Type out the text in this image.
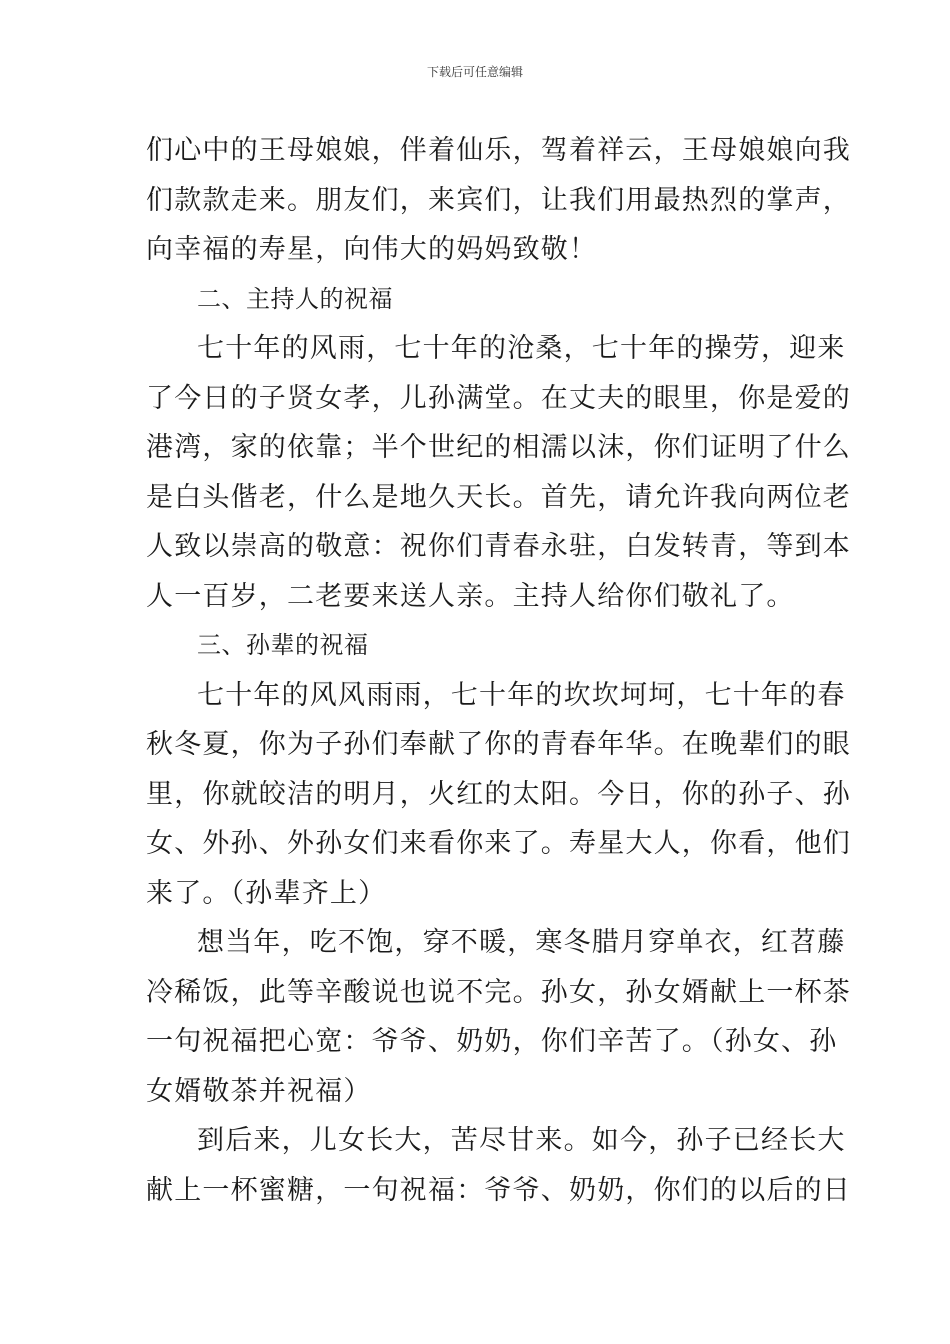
下载后可任意编辑
们心中的王母娘娘，伴着仙乐，驾着祥云，王母娘娘向我
们款款走来。朋友们，来宾们，让我们用最热烈的掌声，
向幸福的寿星，向伟大的妈妈致敬！
二、主持人的祝福
七十年的风雨，七十年的沧桑，七十年的操劳，迎来
了今日的子贤女孝，儿孙满堂。在丈夫的眼里，你是爱的
港湾，家的依靠；半个世纪的相濡以沫，你们证明了什么
是白头偕老，什么是地久天长。首先，请允许我向两位老
人致以崇高的敬意：祝你们青春永驻，白发转青，等到本
人一百岁，二老要来送人亲。主持人给你们敬礼了。
三、孙辈的祝福
七十年的风风雨雨，七十年的坎坎坷坷，七十年的春
秋冬夏，你为子孙们奉献了你的青春年华。在晚辈们的眼
里，你就皎洁的明月，火红的太阳。今日，你的孙子、孙
女、外孙、外孙女们来看你来了。寿星大人，你看，他们
来了。（孙辈齐上）
想当年，吃不饱，穿不暖，寒冬腊月穿单衣，红苕藤
冷稀饭，此等辛酸说也说不完。孙女，孙女婿献上一杯茶
一句祝福把心宽：爷爷、奶奶，你们辛苦了。（孙女、孙
女婿敬茶并祝福）
到后来，儿女长大，苦尽甘来。如今，孙子已经长大
献上一杯蜜糖，一句祝福：爷爷、奶奶，你们的以后的日
